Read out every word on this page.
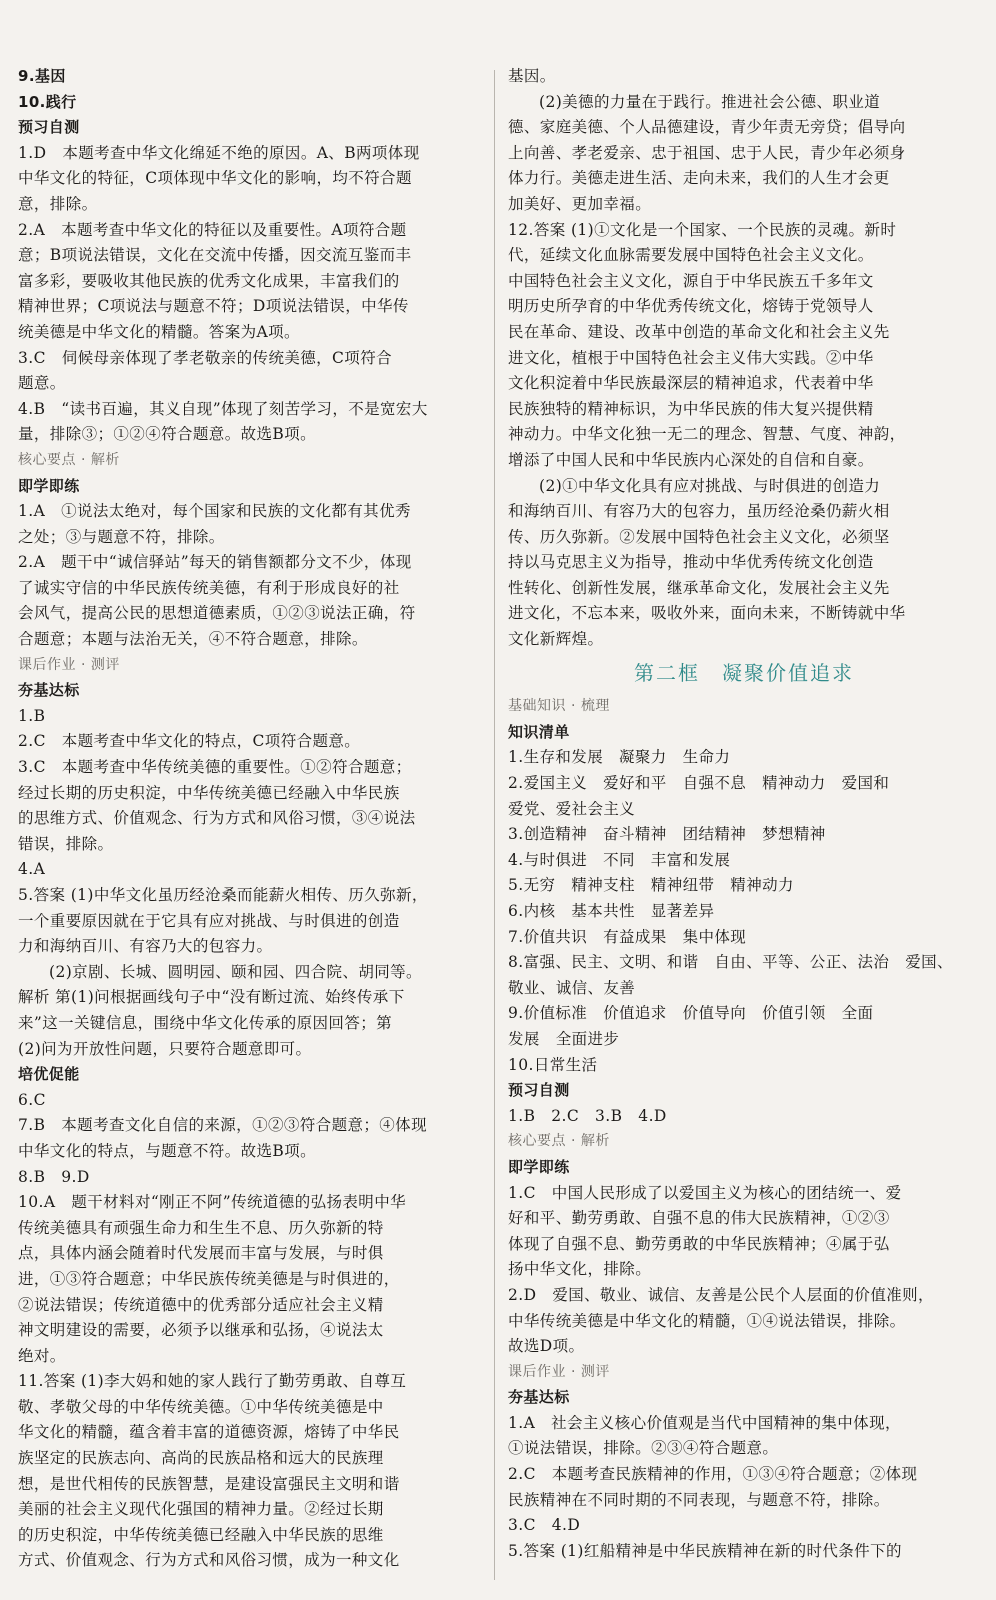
9.基因
10.践行
预习自测
1.D　本题考查中华文化绵延不绝的原因。A、B两项体现
中华文化的特征，C项体现中华文化的影响，均不符合题
意，排除。
2.A　本题考查中华文化的特征以及重要性。A项符合题
意；B项说法错误，文化在交流中传播，因交流互鉴而丰
富多彩，要吸收其他民族的优秀文化成果，丰富我们的
精神世界；C项说法与题意不符；D项说法错误，中华传
统美德是中华文化的精髓。答案为A项。
3.C　伺候母亲体现了孝老敬亲的传统美德，C项符合
题意。
4.B　“读书百遍，其义自现”体现了刻苦学习，不是宽宏大
量，排除③；①②④符合题意。故选B项。
核心要点 · 解析
即学即练
1.A　①说法太绝对，每个国家和民族的文化都有其优秀
之处；③与题意不符，排除。
2.A　题干中“诚信驿站”每天的销售额都分文不少，体现
了诚实守信的中华民族传统美德，有利于形成良好的社
会风气，提高公民的思想道德素质，①②③说法正确，符
合题意；本题与法治无关，④不符合题意，排除。
课后作业 · 测评
夯基达标
1.B
2.C　本题考查中华文化的特点，C项符合题意。
3.C　本题考查中华传统美德的重要性。①②符合题意；
经过长期的历史积淀，中华传统美德已经融入中华民族
的思维方式、价值观念、行为方式和风俗习惯，③④说法
错误，排除。
4.A
5.答案 (1)中华文化虽历经沧桑而能薪火相传、历久弥新，
一个重要原因就在于它具有应对挑战、与时俱进的创造
力和海纳百川、有容乃大的包容力。
(2)京剧、长城、圆明园、颐和园、四合院、胡同等。
解析 第(1)问根据画线句子中“没有断过流、始终传承下
来”这一关键信息，围绕中华文化传承的原因回答；第
(2)问为开放性问题，只要符合题意即可。
培优促能
6.C
7.B　本题考查文化自信的来源，①②③符合题意；④体现
中华文化的特点，与题意不符。故选B项。
8.B　9.D
10.A　题干材料对“刚正不阿”传统道德的弘扬表明中华
传统美德具有顽强生命力和生生不息、历久弥新的特
点，具体内涵会随着时代发展而丰富与发展，与时俱
进，①③符合题意；中华民族传统美德是与时俱进的，
②说法错误；传统道德中的优秀部分适应社会主义精
神文明建设的需要，必须予以继承和弘扬，④说法太
绝对。
11.答案 (1)李大妈和她的家人践行了勤劳勇敢、自尊互
敬、孝敬父母的中华传统美德。①中华传统美德是中
华文化的精髓，蕴含着丰富的道德资源，熔铸了中华民
族坚定的民族志向、高尚的民族品格和远大的民族理
想，是世代相传的民族智慧，是建设富强民主文明和谐
美丽的社会主义现代化强国的精神力量。②经过长期
的历史积淀，中华传统美德已经融入中华民族的思维
方式、价值观念、行为方式和风俗习惯，成为一种文化
基因。
(2)美德的力量在于践行。推进社会公德、职业道
德、家庭美德、个人品德建设，青少年责无旁贷；倡导向
上向善、孝老爱亲、忠于祖国、忠于人民，青少年必须身
体力行。美德走进生活、走向未来，我们的人生才会更
加美好、更加幸福。
12.答案 (1)①文化是一个国家、一个民族的灵魂。新时
代，延续文化血脉需要发展中国特色社会主义文化。
中国特色社会主义文化，源自于中华民族五千多年文
明历史所孕育的中华优秀传统文化，熔铸于党领导人
民在革命、建设、改革中创造的革命文化和社会主义先
进文化，植根于中国特色社会主义伟大实践。②中华
文化积淀着中华民族最深层的精神追求，代表着中华
民族独特的精神标识，为中华民族的伟大复兴提供精
神动力。中华文化独一无二的理念、智慧、气度、神韵，
增添了中国人民和中华民族内心深处的自信和自豪。
(2)①中华文化具有应对挑战、与时俱进的创造力
和海纳百川、有容乃大的包容力，虽历经沧桑仍薪火相
传、历久弥新。②发展中国特色社会主义文化，必须坚
持以马克思主义为指导，推动中华优秀传统文化创造
性转化、创新性发展，继承革命文化，发展社会主义先
进文化，不忘本来，吸收外来，面向未来，不断铸就中华
文化新辉煌。
第二框　凝聚价值追求
基础知识 · 梳理
知识清单
1.生存和发展　凝聚力　生命力
2.爱国主义　爱好和平　自强不息　精神动力　爱国和
爱党、爱社会主义
3.创造精神　奋斗精神　团结精神　梦想精神
4.与时俱进　不同　丰富和发展
5.无穷　精神支柱　精神纽带　精神动力
6.内核　基本共性　显著差异
7.价值共识　有益成果　集中体现
8.富强、民主、文明、和谐　自由、平等、公正、法治　爱国、
敬业、诚信、友善
9.价值标准　价值追求　价值导向　价值引领　全面
发展　全面进步
10.日常生活
预习自测
1.B　2.C　3.B　4.D
核心要点 · 解析
即学即练
1.C　中国人民形成了以爱国主义为核心的团结统一、爱
好和平、勤劳勇敢、自强不息的伟大民族精神，①②③
体现了自强不息、勤劳勇敢的中华民族精神；④属于弘
扬中华文化，排除。
2.D　爱国、敬业、诚信、友善是公民个人层面的价值准则，
中华传统美德是中华文化的精髓，①④说法错误，排除。
故选D项。
课后作业 · 测评
夯基达标
1.A　社会主义核心价值观是当代中国精神的集中体现，
①说法错误，排除。②③④符合题意。
2.C　本题考查民族精神的作用，①③④符合题意；②体现
民族精神在不同时期的不同表现，与题意不符，排除。
3.C　4.D
5.答案 (1)红船精神是中华民族精神在新的时代条件下的
